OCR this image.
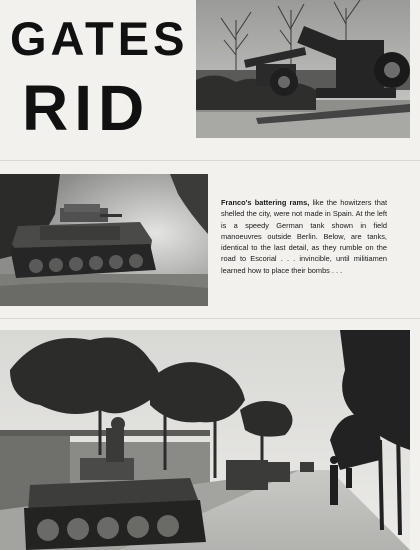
GATES
RID
Franco's battering rams, like the howitzers that shelled the city, were not made in Spain. At the left is a speedy German tank shown in field manoeuvres outside Berlin. Below, are tanks, identical to the last detail, as they rumble on the road to Escorial . . . invincible, until militiamen learned how to place their bombs . . .
